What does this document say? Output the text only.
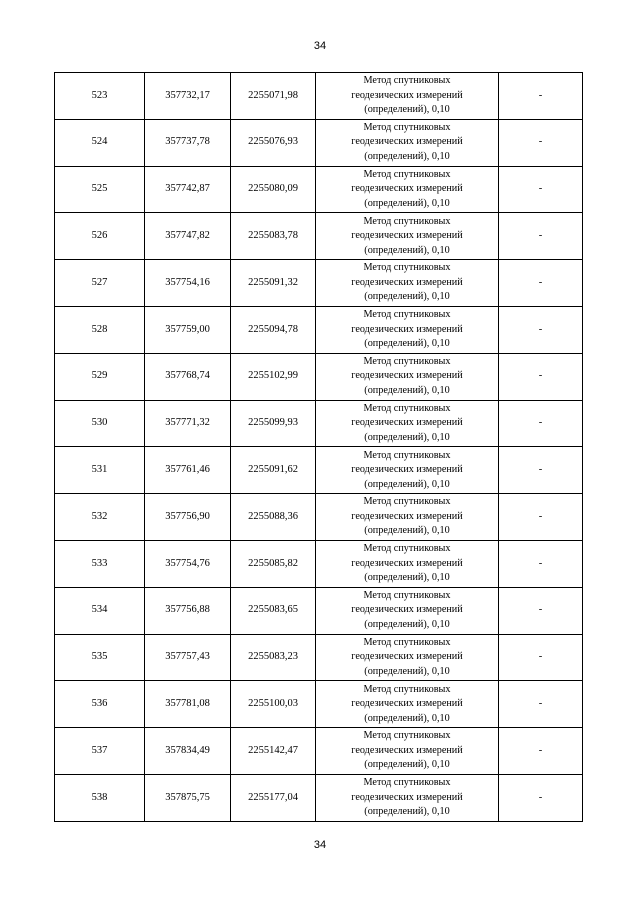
34
523	357732,17	2255071,98	Метод спутниковых
геодезических измерений
(определений), 0,10	-
524	357737,78	2255076,93	Метод спутниковых
геодезических измерений
(определений), 0,10	-
525	357742,87	2255080,09	Метод спутниковых
геодезических измерений
(определений), 0,10	-
526	357747,82	2255083,78	Метод спутниковых
геодезических измерений
(определений), 0,10	-
527	357754,16	2255091,32	Метод спутниковых
геодезических измерений
(определений), 0,10	-
528	357759,00	2255094,78	Метод спутниковых
геодезических измерений
(определений), 0,10	-
529	357768,74	2255102,99	Метод спутниковых
геодезических измерений
(определений), 0,10	-
530	357771,32	2255099,93	Метод спутниковых
геодезических измерений
(определений), 0,10	-
531	357761,46	2255091,62	Метод спутниковых
геодезических измерений
(определений), 0,10	-
532	357756,90	2255088,36	Метод спутниковых
геодезических измерений
(определений), 0,10	-
533	357754,76	2255085,82	Метод спутниковых
геодезических измерений
(определений), 0,10	-
534	357756,88	2255083,65	Метод спутниковых
геодезических измерений
(определений), 0,10	-
535	357757,43	2255083,23	Метод спутниковых
геодезических измерений
(определений), 0,10	-
536	357781,08	2255100,03	Метод спутниковых
геодезических измерений
(определений), 0,10	-
537	357834,49	2255142,47	Метод спутниковых
геодезических измерений
(определений), 0,10	-
538	357875,75	2255177,04	Метод спутниковых
геодезических измерений
(определений), 0,10	-
34
